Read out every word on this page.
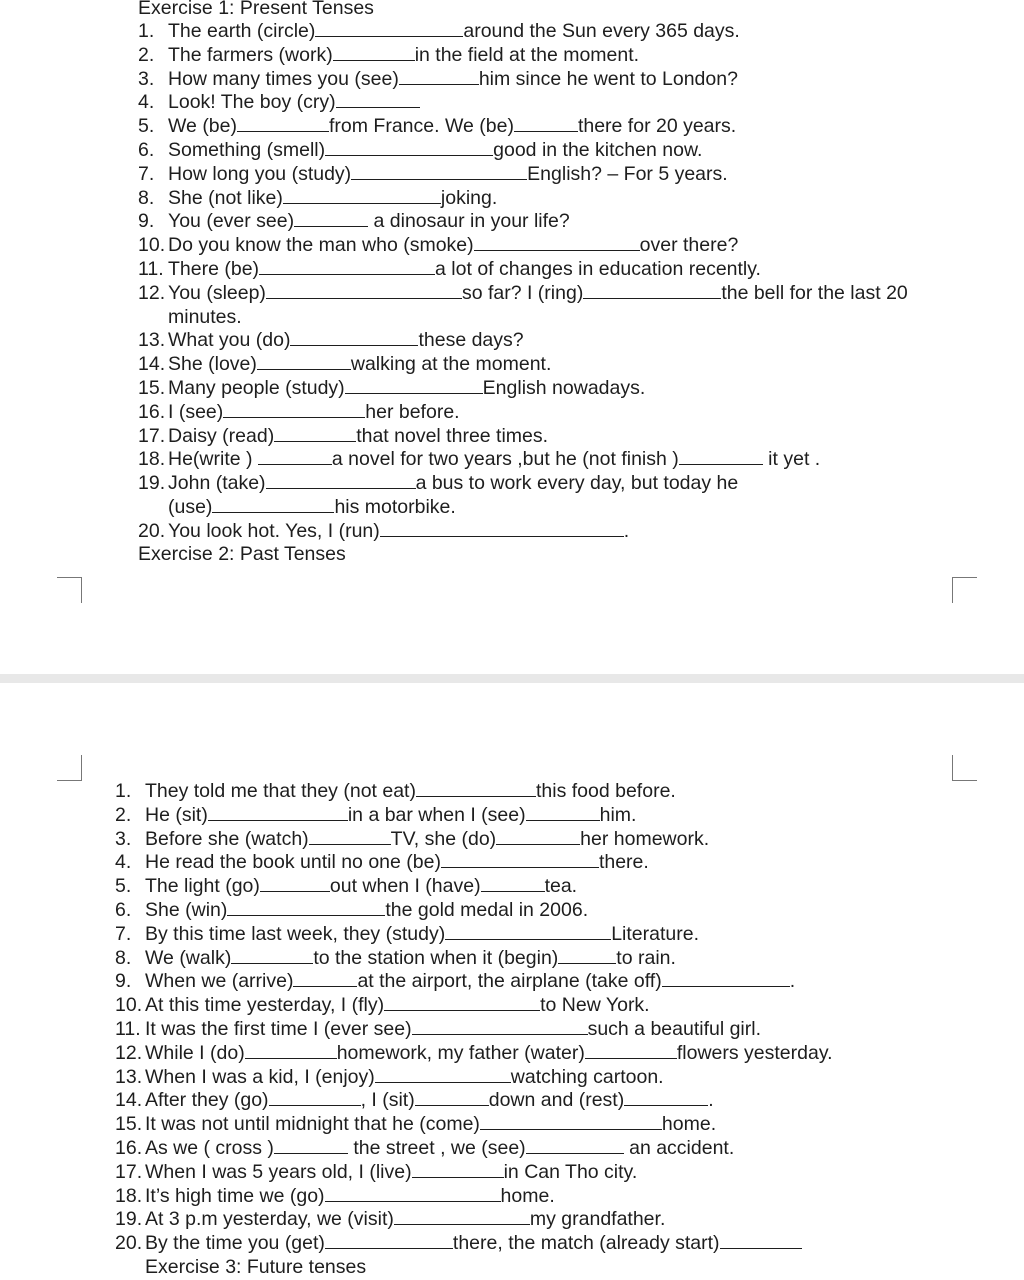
Exercise 1: Present Tenses
1. The earth (circle)	around the Sun every 365 days.
2. The farmers (work)	in the field at the moment.
3. How many times you (see)	him since he went to London?
4. Look! The boy (cry)
5. We (be)	from France. We (be)	there for 20 years.
6. Something (smell)	good in the kitchen now.
7. How long you (study)	English? – For 5 years.
8. She (not like)	joking.
9. You (ever see)	a dinosaur in your life?
10. Do you know the man who (smoke)	over there?
11. There (be)	a lot of changes in education recently.
12. You (sleep)	so far? I (ring)	the bell for the last 20
minutes.
13. What you (do)	these days?
14. She (love)	walking at the moment.
15. Many people (study)	English nowadays.
16. I (see)	her before.
17. Daisy (read)	that novel three times.
18. He(write )	a novel for two years ,but he (not finish )	it yet .
19. John (take)	a bus to work every day, but today he
(use)	his motorbike.
20. You look hot. Yes, I (run)	.
Exercise 2: Past Tenses
1. They told me that they (not eat)	this food before.
2. He (sit)	in a bar when I (see)	him.
3. Before she (watch)	TV, she (do)	her homework.
4. He read the book until no one (be)	there.
5. The light (go)	out when I (have)	tea.
6. She (win)	the gold medal in 2006.
7. By this time last week, they (study)	Literature.
8. We (walk)	to the station when it (begin)	to rain.
9. When we (arrive)	at the airport, the airplane (take off)	.
10. At this time yesterday, I (fly)	to New York.
11. It was the first time I (ever see)	such a beautiful girl.
12. While I (do)	homework, my father (water)	flowers yesterday.
13. When I was a kid, I (enjoy)	watching cartoon.
14. After they (go)	, I (sit)	down and (rest)	.
15. It was not until midnight that he (come)	home.
16. As we ( cross )	the street , we (see)	an accident.
17. When I was 5 years old, I (live)	in Can Tho city.
18. It’s high time we (go)	home.
19. At 3 p.m yesterday, we (visit)	my grandfather.
20. By the time you (get)	there, the match (already start)
Exercise 3: Future tenses
